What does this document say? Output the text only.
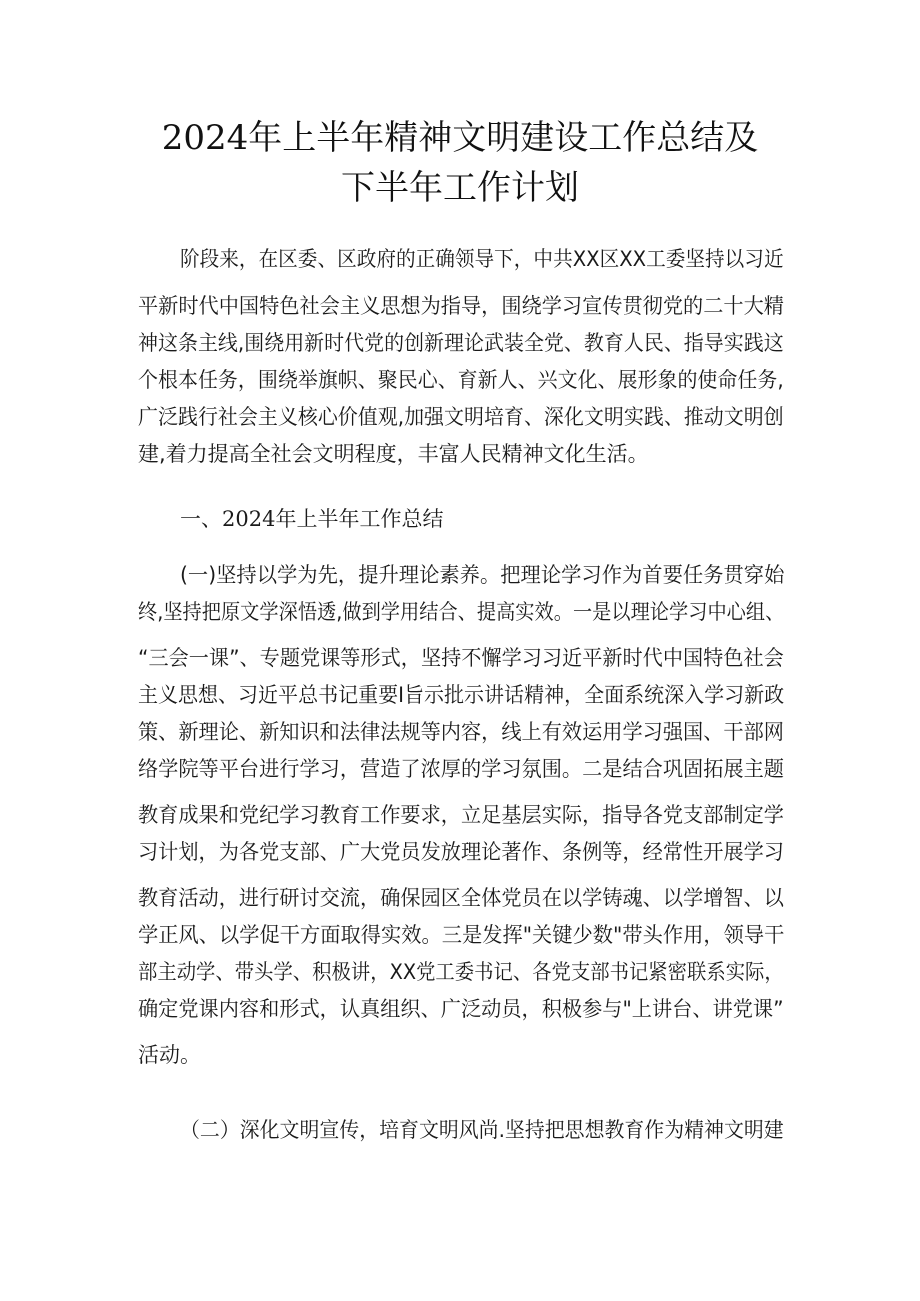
2024年上半年精神文明建设工作总结及
下半年工作计划
阶段来，在区委、区政府的正确领导下，中共XX区XX工委坚持以习近
平新时代中国特色社会主义思想为指导，围绕学习宣传贯彻党的二十大精
神这条主线,围绕用新时代党的创新理论武装全党、教育人民、指导实践这
个根本任务，围绕举旗帜、聚民心、育新人、兴文化、展形象的使命任务,
广泛践行社会主义核心价值观,加强文明培育、深化文明实践、推动文明创
建,着力提高全社会文明程度，丰富人民精神文化生活。
一、2024年上半年工作总结
(一)坚持以学为先，提升理论素养。把理论学习作为首要任务贯穿始
终,坚持把原文学深悟透,做到学用结合、提高实效。一是以理论学习中心组、
“三会一课”、专题党课等形式，坚持不懈学习习近平新时代中国特色社会
主义思想、习近平总书记重要I旨示批示讲话精神，全面系统深入学习新政
策、新理论、新知识和法律法规等内容，线上有效运用学习强国、干部网
络学院等平台进行学习，营造了浓厚的学习氛围。二是结合巩固拓展主题
教育成果和党纪学习教育工作要求，立足基层实际，指导各党支部制定学
习计划，为各党支部、广大党员发放理论著作、条例等，经常性开展学习
教育活动，进行研讨交流，确保园区全体党员在以学铸魂、以学增智、以
学正风、以学促干方面取得实效。三是发挥"关键少数"带头作用，领导干
部主动学、带头学、积极讲，XX党工委书记、各党支部书记紧密联系实际，
确定党课内容和形式，认真组织、广泛动员，积极参与"上讲台、讲党课”
活动。
（二）深化文明宣传，培育文明风尚.坚持把思想教育作为精神文明建
